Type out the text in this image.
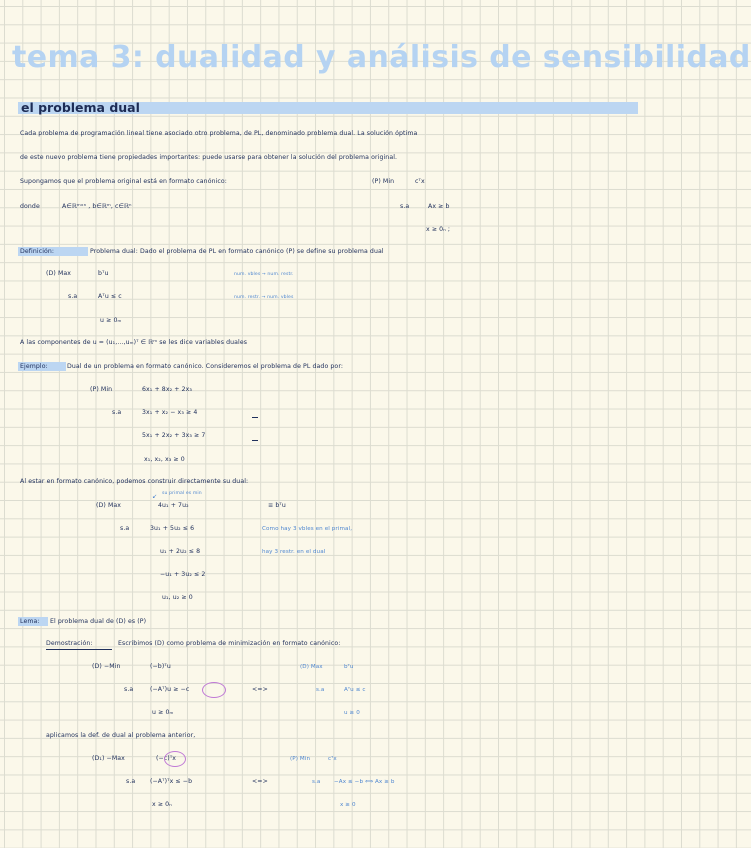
tema 3: dualidad y análisis de sensibilidad
el problema dual
Cada problema de programación lineal tiene asociado otro problema, de PL, denominado problema dual. La solución óptima
de este nuevo problema tiene propiedades importantes: puede usarse para obtener la solución del problema original.
Supongamos que el problema original está en formato canónico:	(P) Min	cᵀx
donde	A∈ℝᵐˣⁿ , b∈ℝᵐ, c∈ℝⁿ	s.a	Ax ≥ b
x ≥ 0ₙ ;
Definición:	Problema dual: Dado el problema de PL en formato canónico (P) se define su problema dual
(D) Max	bᵀu
s.a	Aᵀu ≤ c
u ≥ 0ₘ
num. vbles → num. restr.
num. restr. → num. vbles
A las componentes de u = (u₁,...,uₘ)ᵀ ∈ ℝᵐ se les dice variables duales
Ejemplo:	Dual de un problema en formato canónico. Consideremos el problema de PL dado por:
(P) Min	6x₁ + 8x₂ + 2x₃
s.a	3x₁ + x₂ − x₃ ≥ 4
5x₁ + 2x₂ + 3x₃ ≥ 7
x₁, x₂, x₃ ≥ 0
Al estar en formato canónico, podemos construir directamente su dual:
su primal es min
↙
(D) Max	4u₁ + 7u₂	≡ bᵀu
s.a	3u₁ + 5u₂ ≤ 6
u₁ + 2u₂ ≤ 8
−u₁ + 3u₂ ≤ 2
u₁, u₂ ≥ 0
Como hay 3 vbles en el primal,
hay 3 restr. en el dual
Lema: El problema dual de (D) es (P)
Demostración:	Escribimos (D) como problema de minimización en formato canónico:
(D) −Min	(−b)ᵀu
s.a	(−Aᵀ)u ≥ −c
u ≥ 0ₘ
<=>
(D) Max	bᵀu
s.a	Aᵀu ≤ c
u ≥ 0
aplicamos la def. de dual al problema anterior,
(D₁) −Max	(−c)ᵀx
s.a (−Aᵀ)ᵀx ≤ −b
x ≥ 0ₙ
<=>
(P) Min	cᵀx
s.a −Ax ≤ −b ⟺ Ax ≥ b
x ≥ 0
